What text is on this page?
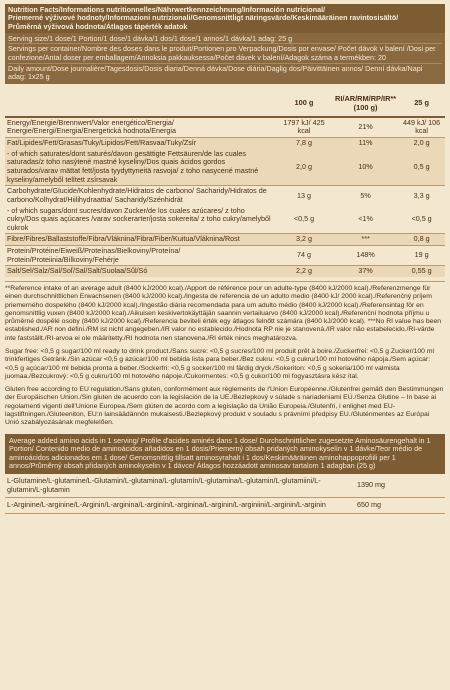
Nutrition Facts/Informations nutritionnelles/Nährwertkennzeichnung/Información nutricional/
Priemerné výživové hodnoty/Informazioni nutrizionali/Genomsnittligt näringsvärde/Keskimääräinen ravintosisältö/
Průměrná výživová hodnota/Átlagos tápérték adatok
Serving size/1 dose/1 Portion/1 dose/1 dávka/1 dos/1 dose/1 annos/1 dávka/1 adag: 25 g
Servings per container/Nombre des doses dans le produit/Portionen pro Verpackung/Dosis por envase/ Počet dávok v balení /Dosi per confezione/Antal doser per emballagem/Annoksia pakkauksessa/Počet dávek v balení/Adagok száma a termékben: 20
Daily amount/Dose journalière/Tagesdosis/Dosis diaria/Denná dávka/Dose diária/Daglig dos/Päivittäinen annos/ Denní dávka/Napi adag: 1x25 g
	100 g	RI/AR/RM/RP/IR** (100 g)	25 g
Energy/Energie/Brennwert/Valor energético/Energia/ Energie/Energi/Energia/Energetická hodnota/Energia	1797 kJ/ 425 kcal	21%	449 kJ/ 106 kcal
Fat/Lipides/Fett/Grasas/Tuky/Lipidos/Fett/Rasvaa/Tuky/Zsír	7,8 g	11%	2,0 g
- of which saturates/dont saturés/davon gesättigte Fettsäuren/de las cuales saturadas/z toho nasýtené mastné kyseliny/Dos quais ácidos gordos saturados/varav mättat fett/josta tyydyttyneitä rasvoja/ z toho nasycené mastné kyseliny/amelyből telített zsírsavak	2,0 g	10%	0,5 g
Carbohydrate/Glucide/Kohlenhydrate/Hidratos de carbono/ Sacharidy/Hidratos de carbono/Kolhydrat/Hiilihydraattia/ Sacharidy/Szénhidrát	13 g	5%	3,3 g
- of which sugars/dont sucres/davon Zucker/de los cuales azúcares/ z toho cukry/Dos quais açúcares /varav sockerarter/josta sokereita/ z toho cukry/amelyből cukrok	<0,5 g	<1%	<0,5 g
Fibre/Fibres/Ballaststoffe/Fibra/Vláknina/Fibra/Fiber/Kuitua/Vláknina/Rost	3,2 g	***	0,8 g
Protein/Protéine/Eiweiß/Proteínas/Bielkoviny/Proteína/ Protein/Proteiinia/Bílkoviny/Fehérje	74 g	148%	19 g
Salt/Sel/Salz/Sal/Soľ/Sal/Salt/Suolaa/Sůl/Só	2,2 g	37%	0,55 g

**Reference intake of an average adult (8400 kJ/2000 kcal)./Apport de référence pour un adulte-type (8400 kJ/2000 kcal)./Referenzmenge für einen durchschnittlichen Erwachsenen (8400 kJ/2000 kcal)./Ingesta de referencia de un adulto medio (8400 kJ/ 2000 kcal)./Referenčný príjem priemerného dospelého (8400 kJ/2000 kcal)./Ingestão diária recomendada para um adulto médio (8400 kJ/2000 kcal)./Referensintag för en genomsnittlig vuxen (8400 kJ/2000 kcal)./Aikuisen keskivertokäyttäjän saannin vertailuarvo (8400 kJ/2000 kcal)./Referenční hodnota příjmu u průměrné dospělé osoby (8400 kJ/2000 kcal)./Referencia beviteli érték egy átlagos felnőtt számára (8400 kJ/2000 kcal). ***No RI value has been established./AR non défini./RM ist nicht angegeben./IR valor no establecido./Hodnota RP nie je stanovená./IR valor não estabelecido./RI-värde inte fastställt./RI-arvoa ei ole määritetty./RI hodnota nen stanovena./RI érték nincs meghatározva.

Sugar free: <0,5 g sugar/100 ml ready to drink product./Sans sucre: <0,5 g sucres/100 ml produit prêt à boire./Zuckerfrei: <0,5 g Zucker/100 ml trinkfertiges Getränk./Sin azúcar <0,5 g azúcar/100 ml bebida lista para beber./Bez cukru: <0,5 g cukru/100 ml hotového nápoja./Sem açúcar: <0,5 g açúcar/100 ml bebida pronta a beber./Sockerfri: <0,5 g socker/100 ml färdig dryck./Sokeriton: <0,5 g sokeria/100 ml valmista juomaa./Bezcukrový: <0,5 g cukru/100 ml hotového nápoje./Cukormentes: <0,5 g cukor/100 ml fogyasztásra kész ital.

Gluten free according to EU regulation./Sans gluten, conformément aux règlements de l'Union Européenne./Glutenfrei gemäß den Bestimmungen der Europäischen Union./Sin gluten de acuerdo con la legislación de la UE./Bezlepkový v súlade s nariadeniami EÚ./Senza Glutine – In base ai regolamenti vigenti dell'Unione Europea./Sem glúten de acordo com a legislação da União Europeia./Glutenfri, i enlighet med EU-lagstiftningen./Gluteeniton, EU:n lainsäädännön mukaisesti./Bezlepkový produkt v souladu s právními předpisy EU./Gluténmentes az Európai Unió szabályozásának megfelelően.

Average added amino acids in 1 serving/ Profile d'acides aminés dans 1 dose/ Durchschnittlicher zugesetzte Aminosäurengehalt in 1 Portion/ Contenido medio de aminoácidos añadidos en 1 dosis/Priemerný obsah pridaných aminokyselín v 1 dávke/Teor médio de aminoácidos adicionados em 1 dose/ Genomsnittlig tillsatt aminosyrahalt i 1 dos/Keskimääräinen aminohappoprofiili per 1 annos/Průměrný obsah přidaných aminokyselin v 1 dávce/ Átlagos hozzáadott aminosav tartalom 1 adagban (25 g)
L-Glutamine/L-glutamine/L-Glutamin/L-glutamina/L-glutamín/L-glutamina/L-glutamin/L-glutamiini/L-glutamin/L-glutamin	1390 mg
L-Arginine/L-arginine/L-Arginin/L-arginina/L-arginín/L-arginina/L-arginin/L-arginiini/L-arginin/L-arginin	650 mg
